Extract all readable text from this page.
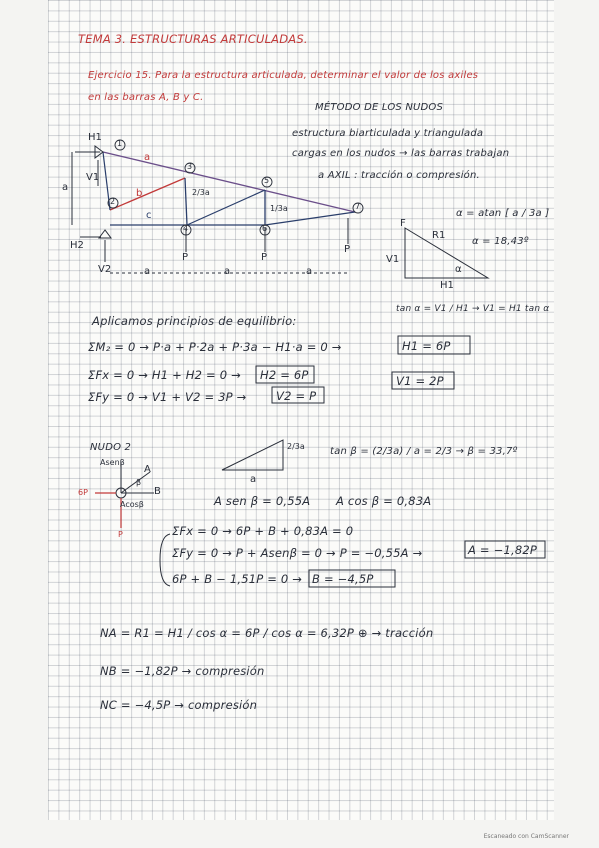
TEMA 3. ESTRUCTURAS ARTICULADAS.
Ejercicio 15. Para la estructura articulada, determinar el valor de los axiles
en las barras A, B y C.
MÉTODO DE LOS NUDOS
estructura biarticulada y triangulada
cargas en los nudos → las barras trabajan
a AXIL : tracción o compresión.
H1
V1
H2
V2
a
1
2
3
4
5
6
7
a
b
c
2/3a
1/3a
P	P
P
a	a	a
α = atan [ a / 3a ]
α = 18,43º
R1
F
V1
H1
α
tan α = V1 / H1 → V1 = H1 tan α
Aplicamos principios de equilibrio:
ΣM₂ = 0 → P·a + P·2a + P·3a − H1·a = 0 →	H1 = 6P
ΣFx = 0 → H1 + H2 = 0 → H2 = 6P	V1 = 2P
ΣFy = 0 → V1 + V2 = 3P →	V2 = P
NUDO 2
Asenβ
A
B
β
Acosβ
6P
P
2/3a
a
tan β = (2/3a) / a = 2/3 → β = 33,7º
A sen β = 0,55A A cos β = 0,83A
ΣFx = 0 → 6P + B + 0,83A = 0
ΣFy = 0 → P + Asenβ = 0 → P = −0,55A →	A = −1,82P
6P + B − 1,51P = 0 → B = −4,5P
NA = R1 = H1 / cos α = 6P / cos α = 6,32P ⊕ → tracción
NB = −1,82P → compresión
NC = −4,5P → compresión
Escaneado con CamScanner
